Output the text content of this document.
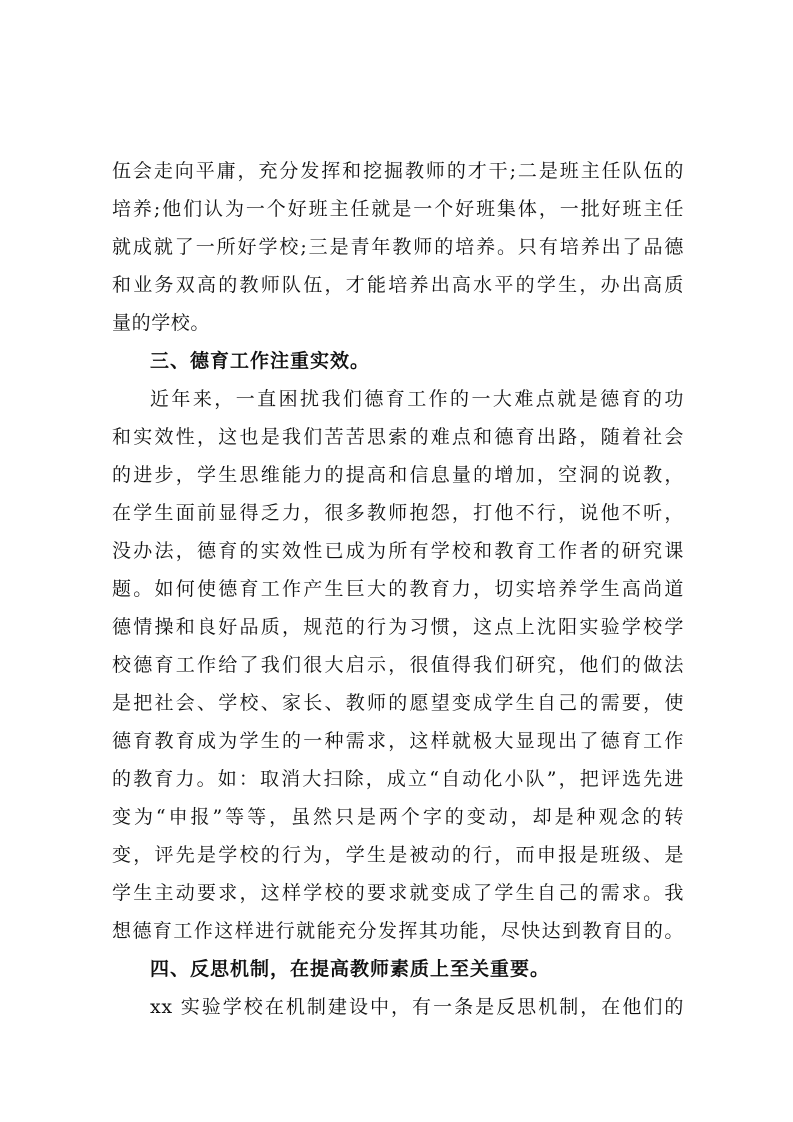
伍会走向平庸，充分发挥和挖掘教师的才干;二是班主任队伍的
培养;他们认为一个好班主任就是一个好班集体，一批好班主任
就成就了一所好学校;三是青年教师的培养。只有培养出了品德
和业务双高的教师队伍，才能培养出高水平的学生，办出高质
量的学校。
三、德育工作注重实效。
近年来，一直困扰我们德育工作的一大难点就是德育的功
和实效性，这也是我们苦苦思索的难点和德育出路，随着社会
的进步，学生思维能力的提高和信息量的增加，空洞的说教，
在学生面前显得乏力，很多教师抱怨，打他不行，说他不听，
没办法，德育的实效性已成为所有学校和教育工作者的研究课
题。如何使德育工作产生巨大的教育力，切实培养学生高尚道
德情操和良好品质，规范的行为习惯，这点上沈阳实验学校学
校德育工作给了我们很大启示，很值得我们研究，他们的做法
是把社会、学校、家长、教师的愿望变成学生自己的需要，使
德育教育成为学生的一种需求，这样就极大显现出了德育工作
的教育力。如：取消大扫除，成立“自动化小队”，把评选先进
变为“申报”等等，虽然只是两个字的变动，却是种观念的转
变，评先是学校的行为，学生是被动的行，而申报是班级、是
学生主动要求，这样学校的要求就变成了学生自己的需求。我
想德育工作这样进行就能充分发挥其功能，尽快达到教育目的。
四、反思机制，在提高教师素质上至关重要。
xx 实验学校在机制建设中，有一条是反思机制，在他们的
